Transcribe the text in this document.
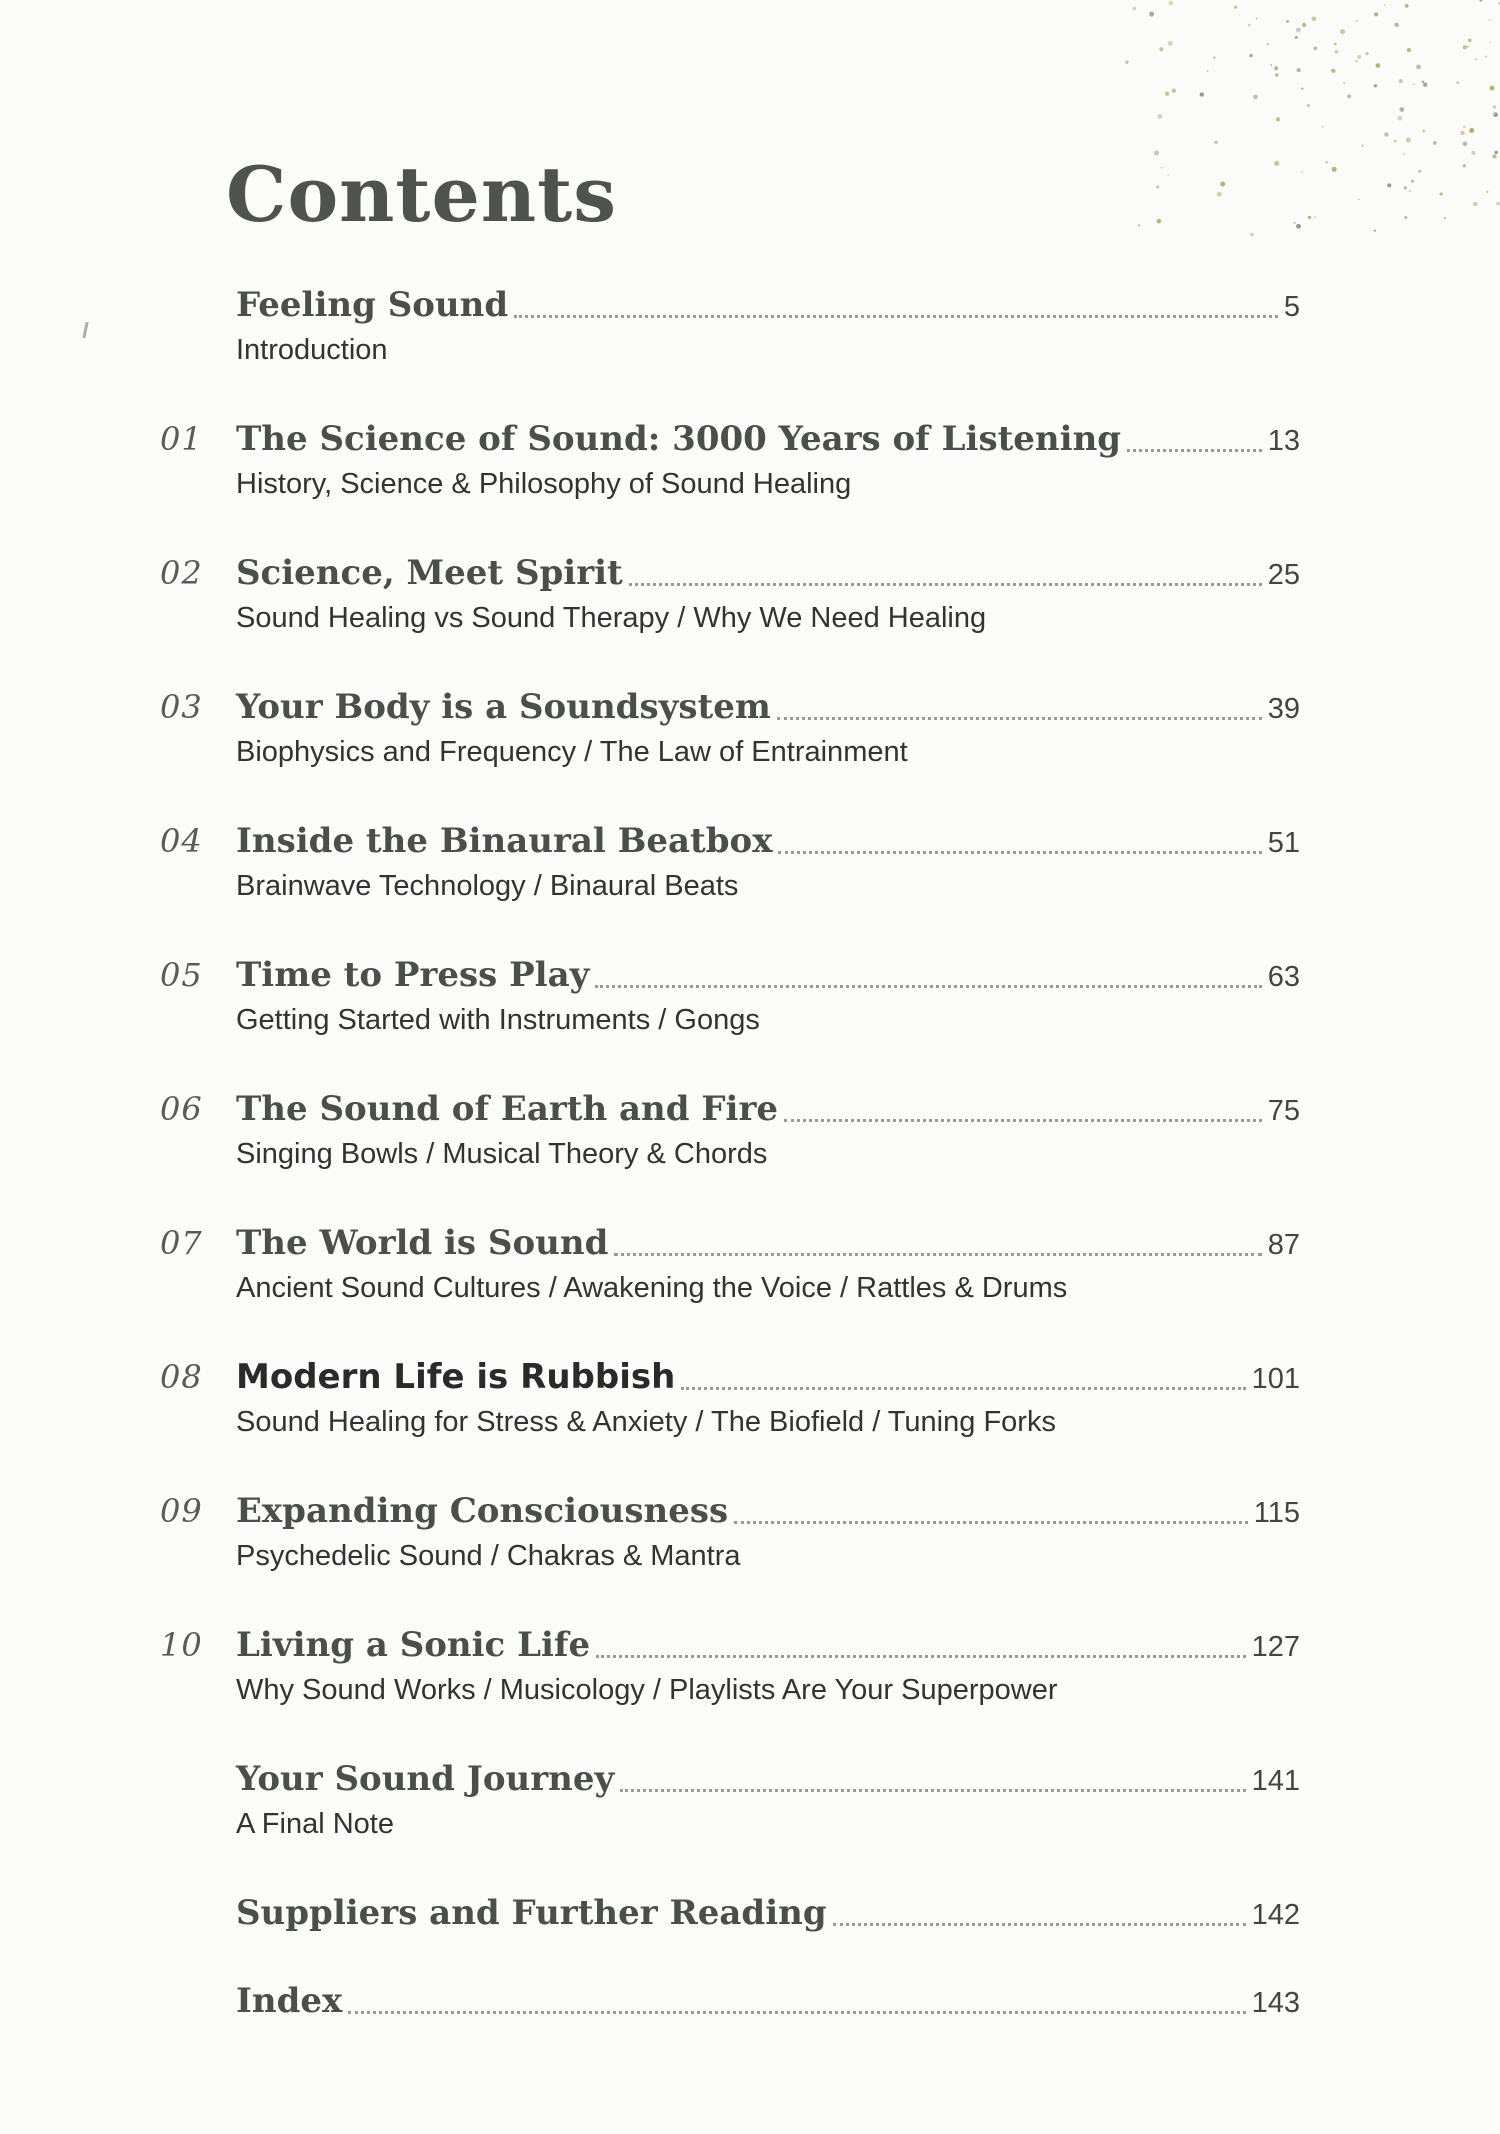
Contents
Feeling Sound	5
Introduction
01 The Science of Sound: 3000 Years of Listening	13
History, Science & Philosophy of Sound Healing
02 Science, Meet Spirit	25
Sound Healing vs Sound Therapy / Why We Need Healing
03 Your Body is a Soundsystem	39
Biophysics and Frequency / The Law of Entrainment
04 Inside the Binaural Beatbox	51
Brainwave Technology / Binaural Beats
05 Time to Press Play	63
Getting Started with Instruments / Gongs
06 The Sound of Earth and Fire	75
Singing Bowls / Musical Theory & Chords
07 The World is Sound	87
Ancient Sound Cultures / Awakening the Voice / Rattles & Drums
08 Modern Life is Rubbish	101
Sound Healing for Stress & Anxiety / The Biofield / Tuning Forks
09 Expanding Consciousness	115
Psychedelic Sound / Chakras & Mantra
10 Living a Sonic Life	127
Why Sound Works / Musicology / Playlists Are Your Superpower
Your Sound Journey	141
A Final Note
Suppliers and Further Reading	142
Index	143
